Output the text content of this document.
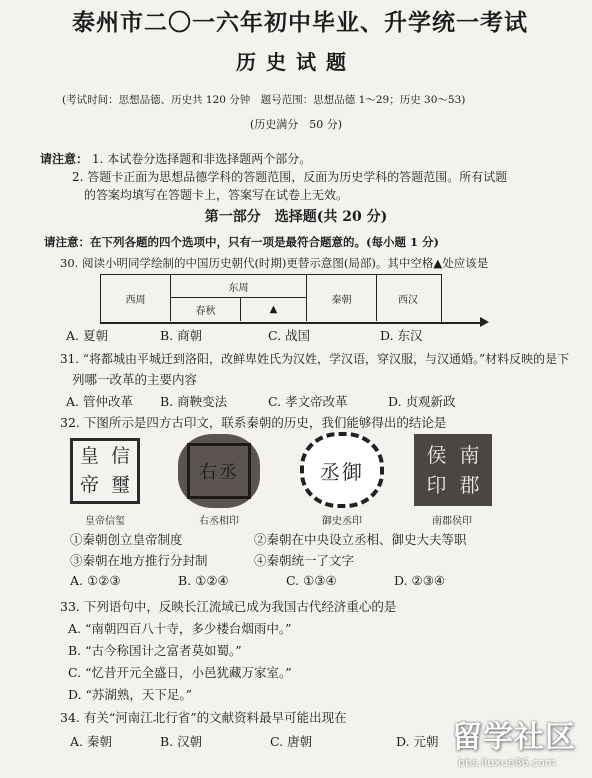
泰州市二〇一六年初中毕业、升学统一考试
历史试题
(考试时间：思想品德、历史共 120 分钟　题号范围：思想品德 1～29；历史 30～53)
(历史满分　50 分)
请注意： 1. 本试卷分选择题和非选择题两个部分。
2. 答题卡正面为思想品德学科的答题范围，反面为历史学科的答题范围。所有试题
的答案均填写在答题卡上，答案写在试卷上无效。
第一部分　选择题(共 20 分)
请注意：在下列各题的四个选项中，只有一项是最符合题意的。(每小题 1 分)
30. 阅读小明同学绘制的中国历史朝代(时期)更替示意图(局部)。其中空格▲处应该是
西周
东周
春秋	▲
秦朝	西汉
A. 夏朝	B. 商朝	C. 战国	D. 东汉
31. “将都城由平城迁到洛阳，改鲜卑姓氏为汉姓，学汉语，穿汉服，与汉通婚。”材料反映的是下
列哪一改革的主要内容
A. 管仲改革 B. 商鞅变法	C. 孝文帝改革	D. 贞观新政
32. 下图所示是四方古印文，联系秦朝的历史，我们能够得出的结论是
皇 信
帝 璽
皇帝信玺
右丞
右丞相印
丞御
御史丞印
侯 南
印 郡
南郡侯印
①秦朝创立皇帝制度	②秦朝在中央设立丞相、御史大夫等职
③秦朝在地方推行分封制	④秦朝统一了文字
A. ①②③	B. ①②④	C. ①③④	D. ②③④
33. 下列语句中，反映长江流域已成为我国古代经济重心的是
A. “南朝四百八十寺，多少楼台烟雨中。”
B. “古今称国计之富者莫如蜀。”
C. “忆昔开元全盛日，小邑犹藏万家室。”
D. “苏湖熟，天下足。”
34. 有关“河南江北行省”的文献资料最早可能出现在
A. 秦朝	B. 汉朝	C. 唐朝	D. 元朝 留学社区
bbs.liuxue86.com
